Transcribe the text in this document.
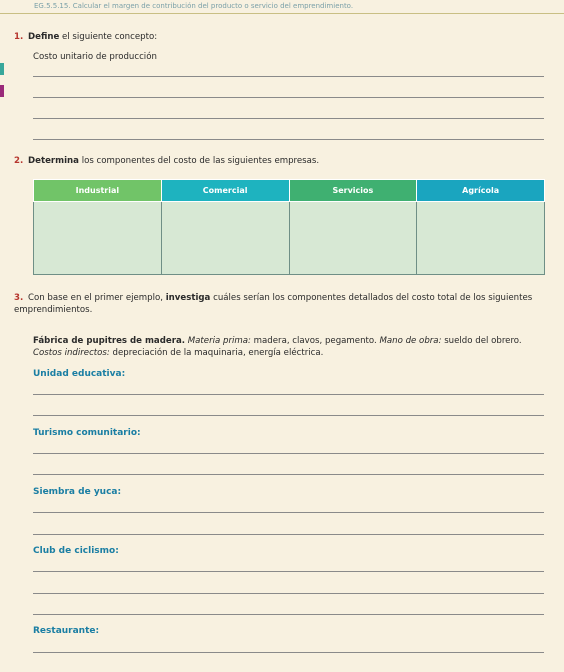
EG.5.5.15. Calcular el margen de contribución del producto o servicio del emprendimiento.
1. Define el siguiente concepto:
Costo unitario de producción
2. Determina los componentes del costo de las siguientes empresas.
Industrial	Comercial	Servicios	Agrícola

3. Con base en el primer ejemplo, investiga cuáles serían los componentes detallados del costo total de los siguientes emprendimientos.
Fábrica de pupitres de madera. Materia prima: madera, clavos, pegamento. Mano de obra: sueldo del obrero. Costos indirectos: depreciación de la maquinaria, energía eléctrica.
Unidad educativa:
Turismo comunitario:
Siembra de yuca:
Club de ciclismo:
Restaurante:
